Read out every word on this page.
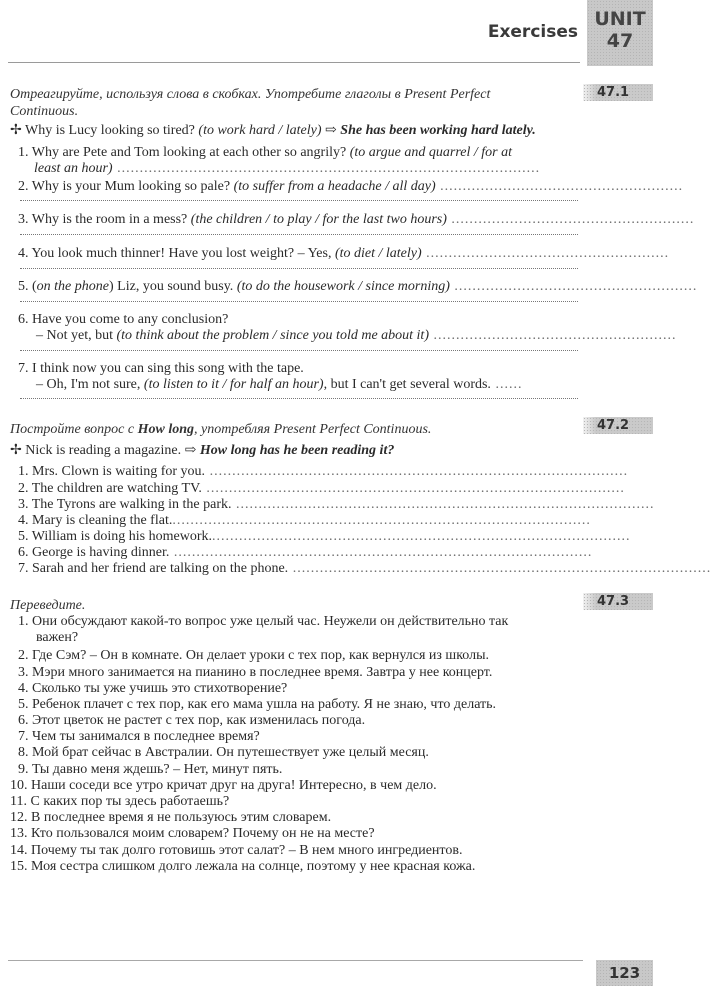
Exercises
UNIT
47
47.1
Отреагируйте, используя слова в скобках. Употребите глаголы в Present Perfect
Continuous.
✢ Why is Lucy looking so tired? (to work hard / lately) ⇨ She has been working hard lately.
1. Why are Pete and Tom looking at each other so angrily? (to argue and quarrel / for at
least an hour) ..............................................................................................
2. Why is your Mum looking so pale? (to suffer from a headache / all day) ......................................................
3. Why is the room in a mess? (the children / to play / for the last two hours) ......................................................
4. You look much thinner! Have you lost weight? – Yes, (to diet / lately) ......................................................
5. (on the phone) Liz, you sound busy. (to do the housework / since morning) ......................................................
6. Have you come to any conclusion?
– Not yet, but (to think about the problem / since you told me about it) ......................................................
7. I think now you can sing this song with the tape.
– Oh, I'm not sure, (to listen to it / for half an hour), but I can't get several words. ......
47.2
Постройте вопрос с How long, употребляя Present Perfect Continuous.
✢ Nick is reading a magazine. ⇨ How long has he been reading it?
1. Mrs. Clown is waiting for you. .............................................................................................
2. The children are watching TV. .............................................................................................
3. The Tyrons are walking in the park. .............................................................................................
4. Mary is cleaning the flat..............................................................................................
5. William is doing his homework..............................................................................................
6. George is having dinner. .............................................................................................
7. Sarah and her friend are talking on the phone. .............................................................................................
47.3
Переведите.
1. Они обсуждают какой-то вопрос уже целый час. Неужели он действительно так
важен?
2. Где Сэм? – Он в комнате. Он делает уроки с тех пор, как вернулся из школы.
3. Мэри много занимается на пианино в последнее время. Завтра у нее концерт.
4. Сколько ты уже учишь это стихотворение?
5. Ребенок плачет с тех пор, как его мама ушла на работу. Я не знаю, что делать.
6. Этот цветок не растет с тех пор, как изменилась погода.
7. Чем ты занимался в последнее время?
8. Мой брат сейчас в Австралии. Он путешествует уже целый месяц.
9. Ты давно меня ждешь? – Нет, минут пять.
10. Наши соседи все утро кричат друг на друга! Интересно, в чем дело.
11. С каких пор ты здесь работаешь?
12. В последнее время я не пользуюсь этим словарем.
13. Кто пользовался моим словарем? Почему он не на месте?
14. Почему ты так долго готовишь этот салат? – В нем много ингредиентов.
15. Моя сестра слишком долго лежала на солнце, поэтому у нее красная кожа.
123
